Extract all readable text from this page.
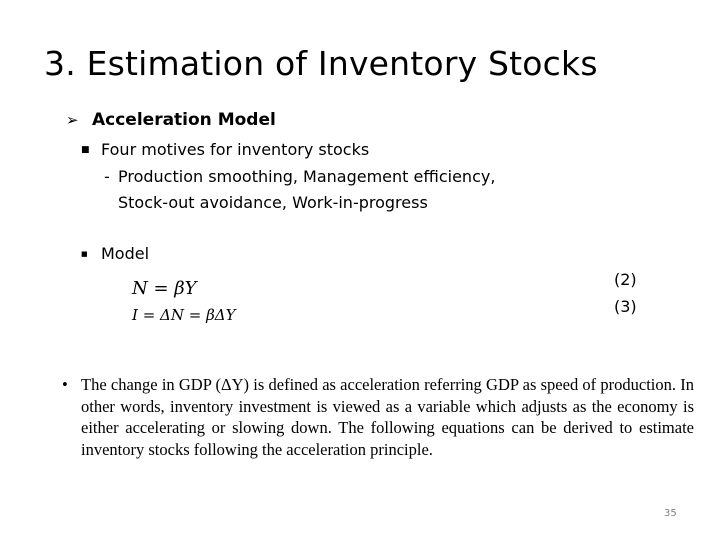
3. Estimation of Inventory Stocks
➢ Acceleration Model
■ Four motives for inventory stocks
- Production smoothing, Management efficiency,
Stock-out avoidance, Work-in-progress
■ Model
N = βY	(2)
I = ΔN = βΔY	(3)
• The change in GDP (ΔY) is defined as acceleration referring GDP as speed of production. In other words, inventory investment is viewed as a variable which adjusts as the economy is either accelerating or slowing down. The following equations can be derived to estimate inventory stocks following the acceleration principle.
35
